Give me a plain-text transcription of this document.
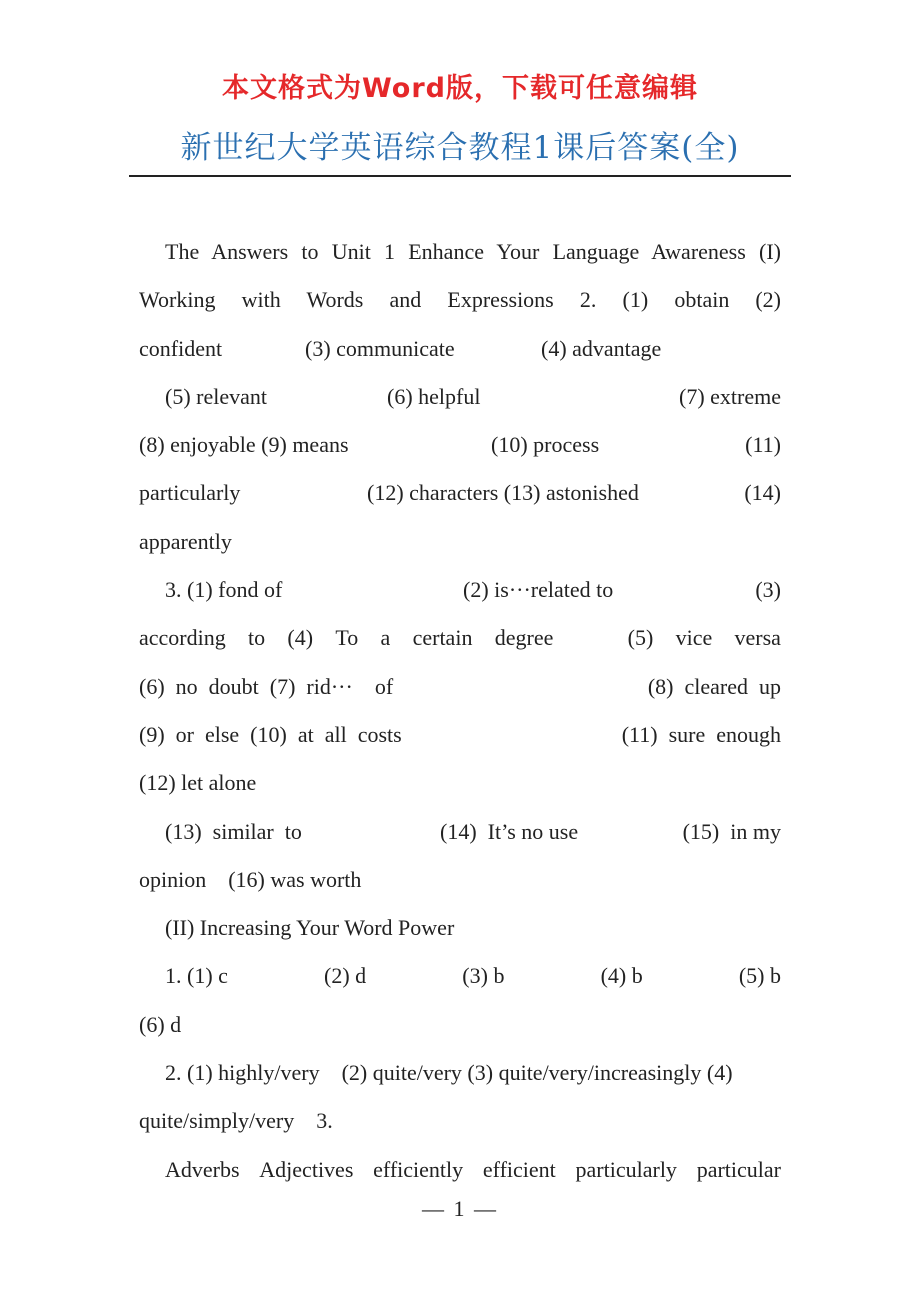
本文格式为Word版，下载可任意编辑
新世纪大学英语综合教程1课后答案(全)

The Answers to Unit 1 Enhance Your Language Awareness (I) Working with Words and Expressions 2. (1) obtain	(2)

confident	(3) communicate	(4) advantage
(5) relevant	(6) helpful	(7) extreme
(8) enjoyable (9) means	(10) process	(11)
particularly	(12) characters (13) astonished	(14)
apparently
3. (1) fond of	(2) is···related to	(3)
according to (4) To a certain degree	(5) vice versa
(6)  no  doubt  (7)  rid···    of	(8)  cleared  up
(9)  or  else  (10)  at  all  costs	(11)  sure  enough
(12) let alone
(13)  similar  to	(14)  It’s no use	(15)  in my
opinion    (16) was worth
(II) Increasing Your Word Power
1. (1) c	(2) d	(3) b	(4) b	(5) b
(6) d
2. (1) highly/very    (2) quite/very (3) quite/very/increasingly (4)
quite/simply/very    3.
Adverbs Adjectives efficiently efficient particularly particular
— 1 —
